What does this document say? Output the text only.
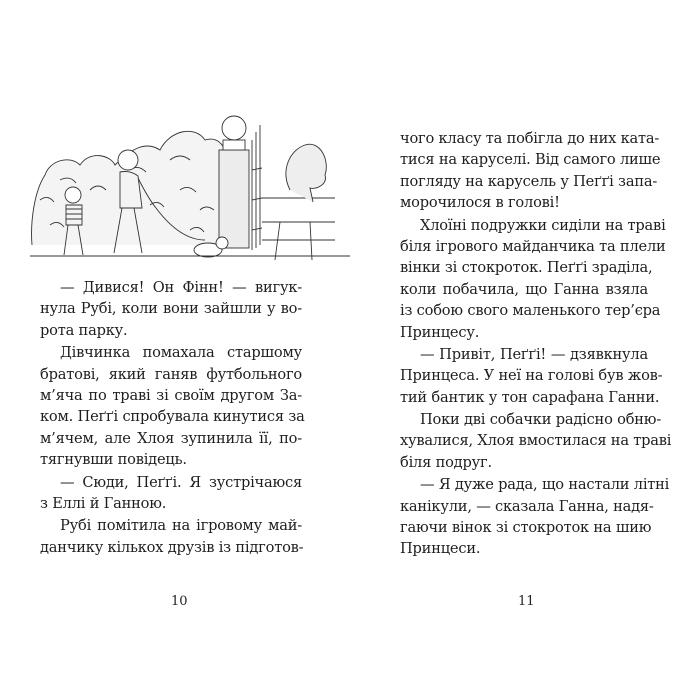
— Дивися! Он Фінн! — вигук-
нула Рубі, коли вони зайшли у во-
рота парку.
Дівчинка помахала старшому
братові, який ганяв футбольного
м’яча по траві зі своїм другом За-
ком. Пеґґі спробувала кинутися за
м’ячем, але Хлоя зупинила її, по-
тягнувши повідець.
— Сюди, Пеґґі. Я зустрічаюся
з Еллі й Ганною.
Рубі помітила на ігровому май-
данчику кількох друзів із підготов-
10
чого класу та побігла до них ката-
тися на каруселі. Від самого лише
погляду на карусель у Пеґґі запа-
морочилося в голові!
Хлоїні подружки сиділи на траві
біля ігрового майданчика та плели
вінки зі стокроток. Пеґґі зраділа,
коли побачила, що Ганна взяла
із собою свого маленького тер’єра
Принцесу.
— Привіт, Пеґґі! — дзявкнула
Принцеса. У неї на голові був жов-
тий бантик у тон сарафана Ганни.
Поки дві собачки радісно обню-
хувалися, Хлоя вмостилася на траві
біля подруг.
— Я дуже рада, що настали літні
канікули, — сказала Ганна, надя-
гаючи вінок зі стокроток на шию
Принцеси.
11
